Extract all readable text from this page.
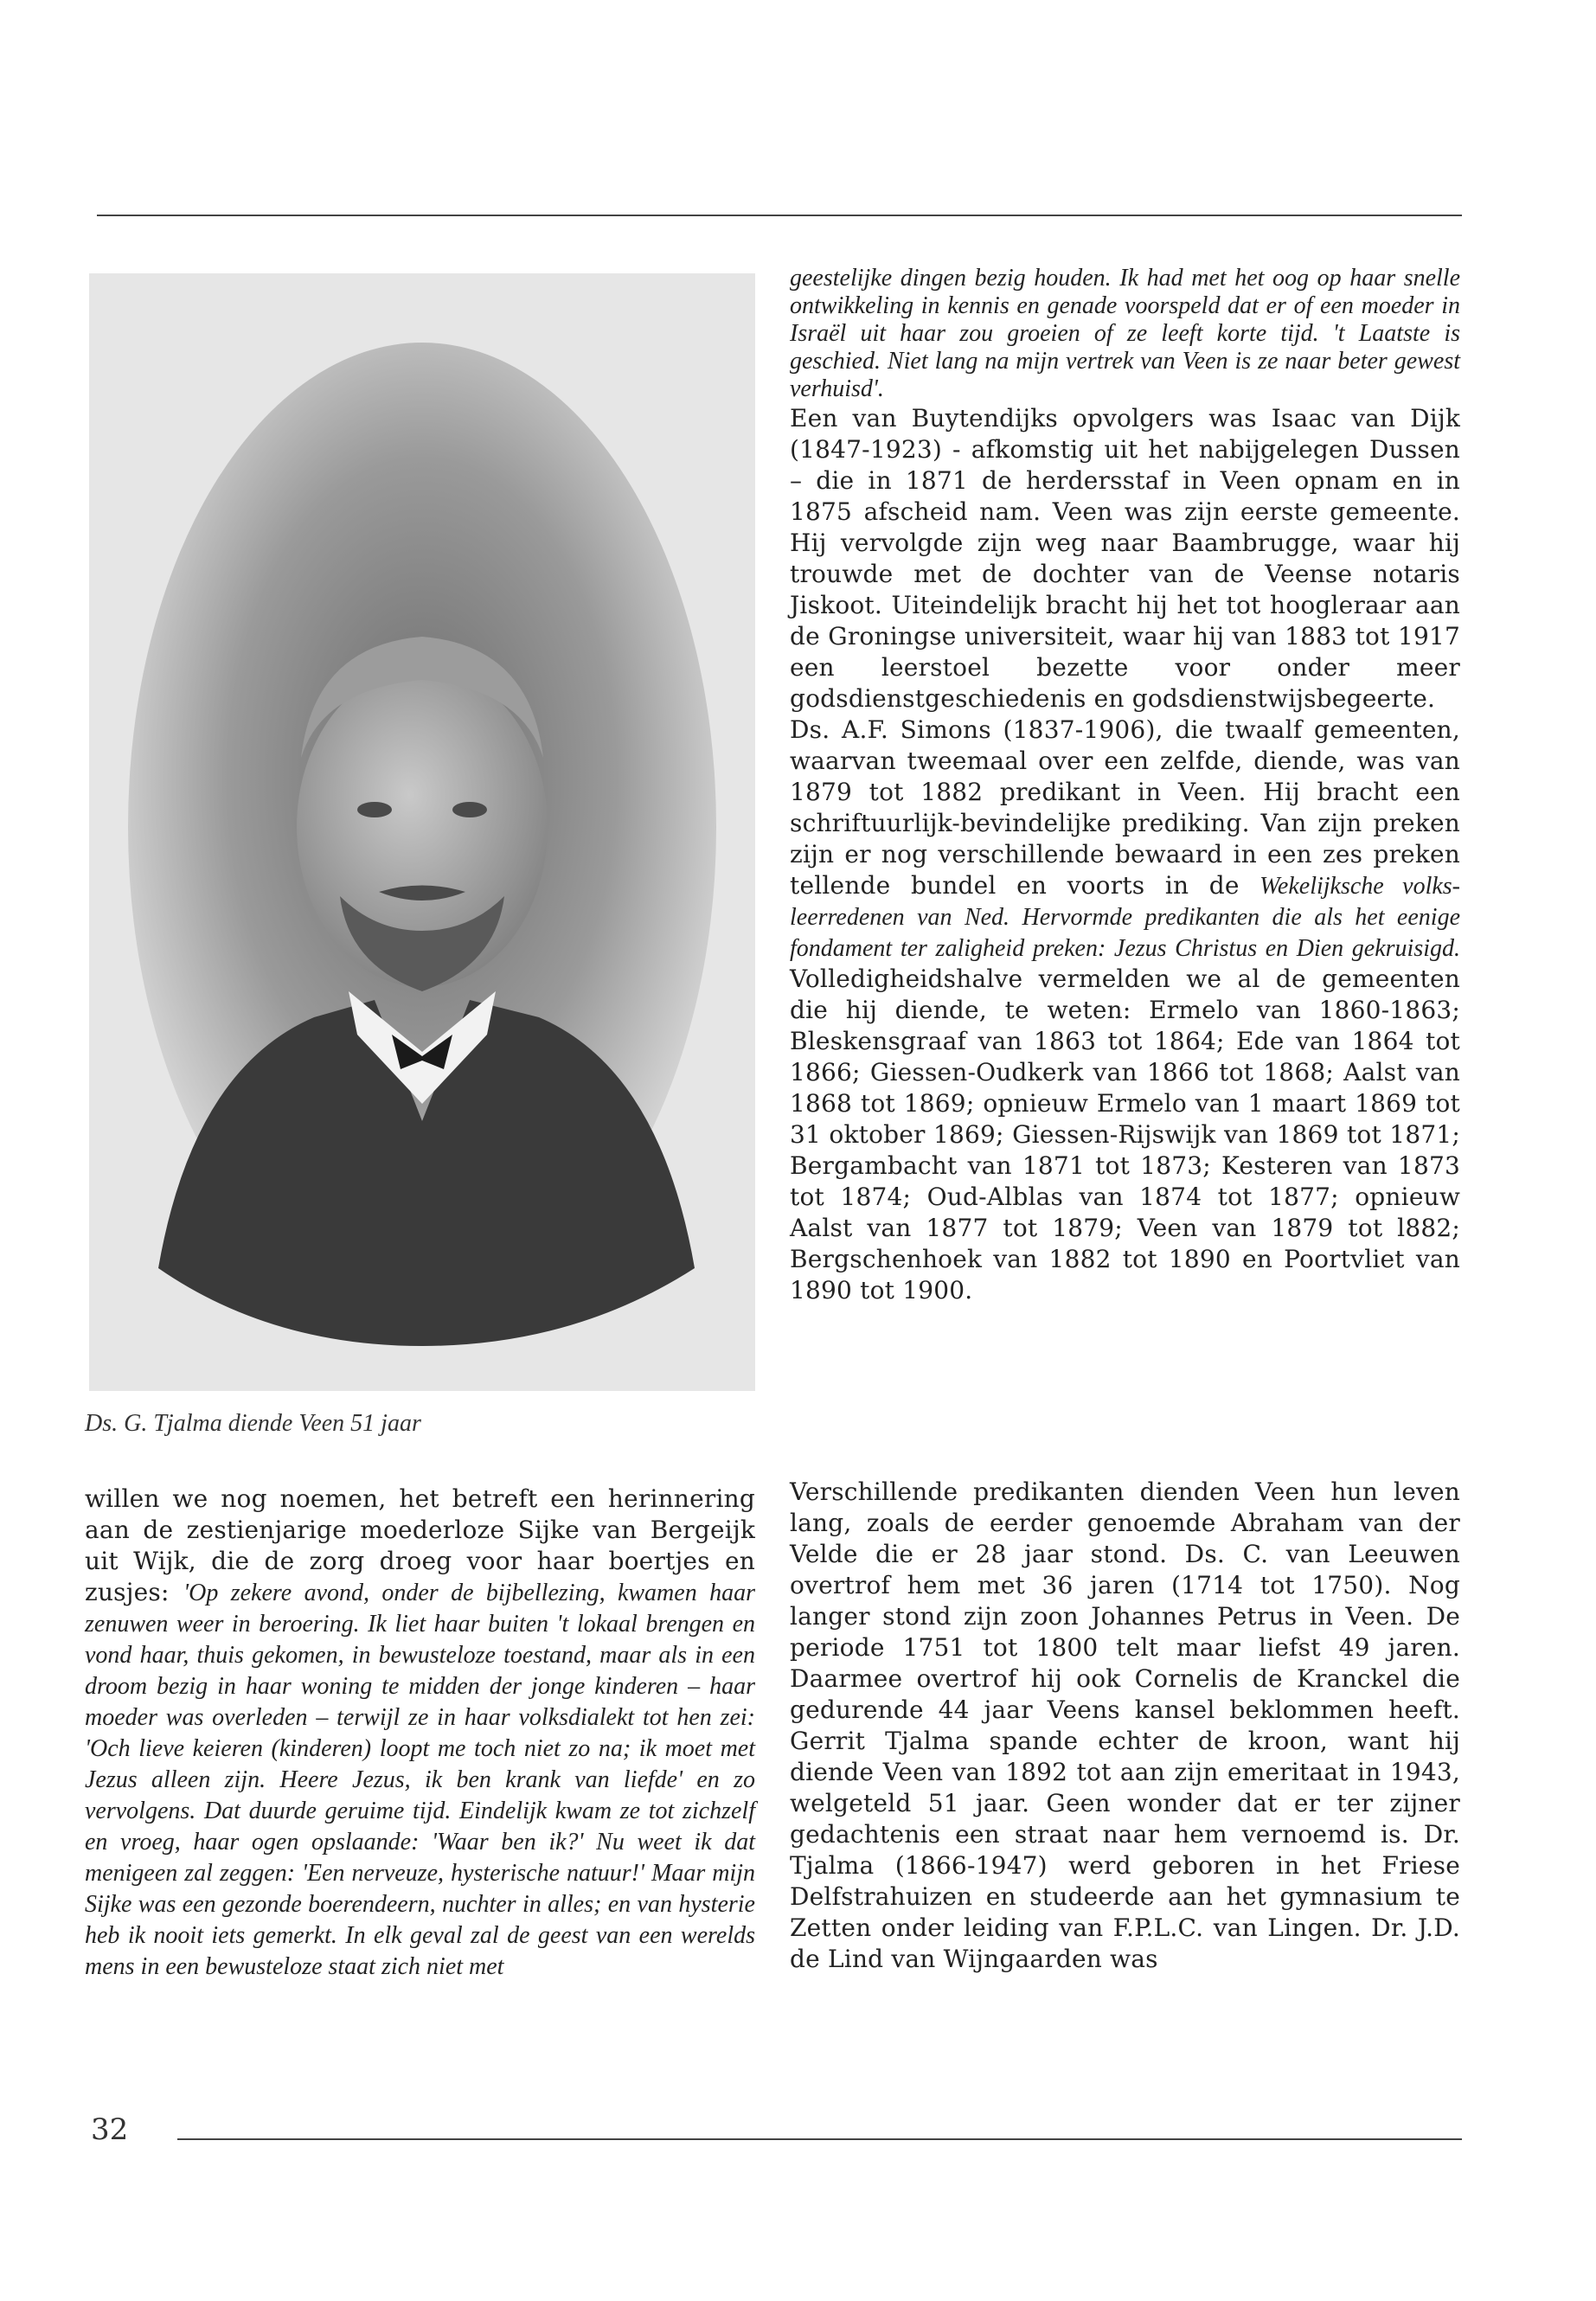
Ds. G. Tjalma diende Veen 51 jaar

willen we nog noemen, het betreft een herinnering aan de zestienjarige moederloze Sijke van Bergeijk uit Wijk, die de zorg droeg voor haar boertjes en zusjes: 'Op zekere avond, onder de bijbellezing, kwamen haar zenuwen weer in beroering. Ik liet haar buiten 't lokaal brengen en vond haar, thuis gekomen, in bewusteloze toestand, maar als in een droom bezig in haar woning te midden der jonge kinderen – haar moeder was overleden – terwijl ze in haar volksdialekt tot hen zei: 'Och lieve keieren (kinderen) loopt me toch niet zo na; ik moet met Jezus alleen zijn. Heere Jezus, ik ben krank van liefde' en zo vervolgens. Dat duurde geruime tijd. Eindelijk kwam ze tot zichzelf en vroeg, haar ogen opslaande: 'Waar ben ik?' Nu weet ik dat menigeen zal zeggen: 'Een nerveuze, hysterische natuur!' Maar mijn Sijke was een gezonde boerendeern, nuchter in alles; en van hysterie heb ik nooit iets gemerkt. In elk geval zal de geest van een werelds mens in een bewusteloze staat zich niet met

geestelijke dingen bezig houden. Ik had met het oog op haar snelle ontwikkeling in kennis en genade voorspeld dat er of een moeder in Israël uit haar zou groeien of ze leeft korte tijd. 't Laatste is geschied. Niet lang na mijn vertrek van Veen is ze naar beter gewest verhuisd'.

Een van Buytendijks opvolgers was Isaac van Dijk (1847-1923) - afkomstig uit het nabijgelegen Dussen – die in 1871 de herdersstaf in Veen opnam en in 1875 afscheid nam. Veen was zijn eerste gemeente. Hij vervolgde zijn weg naar Baambrugge, waar hij trouwde met de dochter van de Veense notaris Jiskoot. Uiteindelijk bracht hij het tot hoogleraar aan de Groningse universiteit, waar hij van 1883 tot 1917 een leerstoel bezette voor onder meer godsdienstgeschiedenis en godsdienstwijsbegeerte.

Ds. A.F. Simons (1837-1906), die twaalf gemeenten, waarvan tweemaal over een zelfde, diende, was van 1879 tot 1882 predikant in Veen. Hij bracht een schriftuurlijk-bevindelijke prediking. Van zijn preken zijn er nog verschillende bewaard in een zes preken tellende bundel en voorts in de Wekelijksche volks-leerredenen van Ned. Hervormde predikanten die als het eenige fondament ter zaligheid preken: Jezus Christus en Dien gekruisigd. Volledigheidshalve vermelden we al de gemeenten die hij diende, te weten: Ermelo van 1860-1863; Bleskensgraaf van 1863 tot 1864; Ede van 1864 tot 1866; Giessen-Oudkerk van 1866 tot 1868; Aalst van 1868 tot 1869; opnieuw Ermelo van 1 maart 1869 tot 31 oktober 1869; Giessen-Rijswijk van 1869 tot 1871; Bergambacht van 1871 tot 1873; Kesteren van 1873 tot 1874; Oud-Alblas van 1874 tot 1877; opnieuw Aalst van 1877 tot 1879; Veen van 1879 tot l882; Bergschenhoek van 1882 tot 1890 en Poortvliet van 1890 tot 1900.

Verschillende predikanten dienden Veen hun leven lang, zoals de eerder genoemde Abraham van der Velde die er 28 jaar stond. Ds. C. van Leeuwen overtrof hem met 36 jaren (1714 tot 1750). Nog langer stond zijn zoon Johannes Petrus in Veen. De periode 1751 tot 1800 telt maar liefst 49 jaren. Daarmee overtrof hij ook Cornelis de Kranckel die gedurende 44 jaar Veens kansel beklommen heeft. Gerrit Tjalma spande echter de kroon, want hij diende Veen van 1892 tot aan zijn emeritaat in 1943, welgeteld 51 jaar. Geen wonder dat er ter zijner gedachtenis een straat naar hem vernoemd is. Dr. Tjalma (1866-1947) werd geboren in het Friese Delfstrahuizen en studeerde aan het gymnasium te Zetten onder leiding van F.P.L.C. van Lingen. Dr. J.D. de Lind van Wijngaarden was

32
